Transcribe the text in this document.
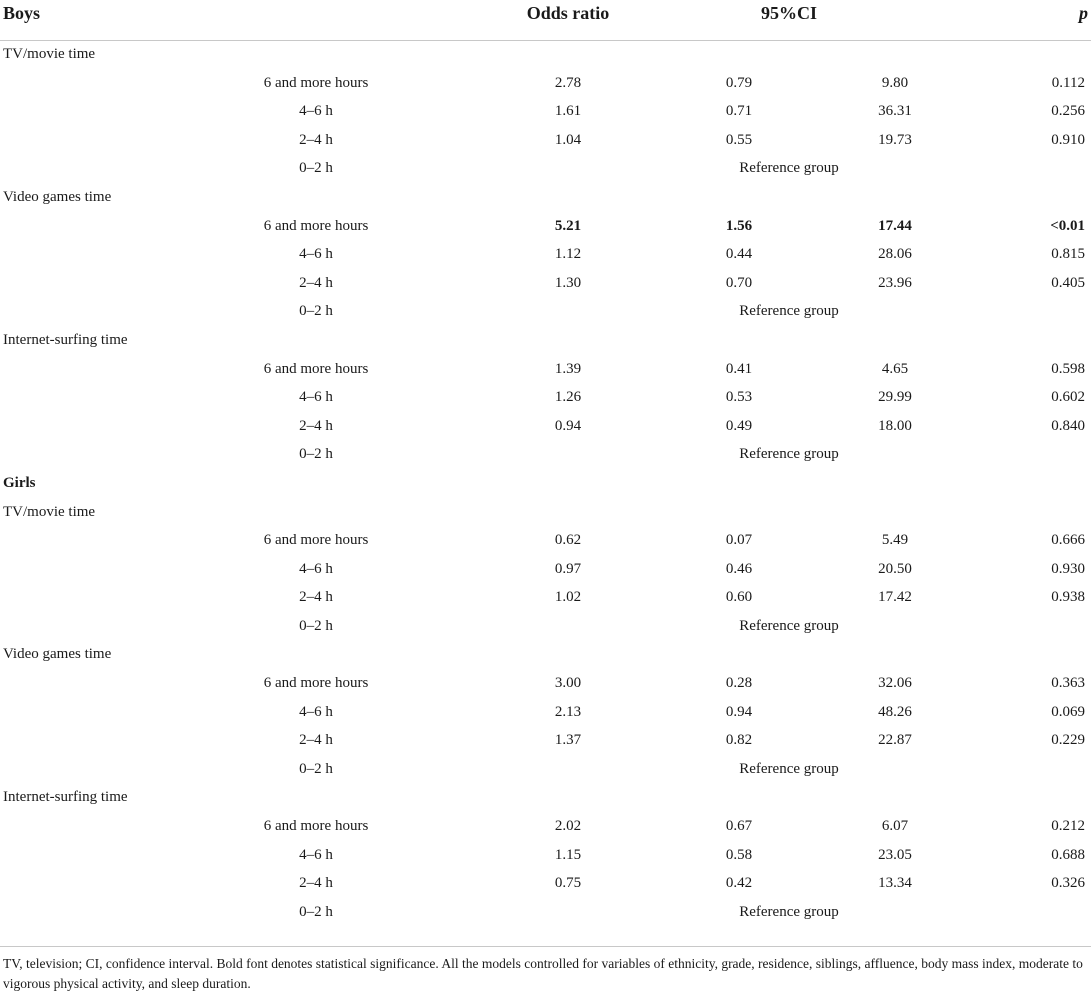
Boys	Odds ratio	95%CI	p
TV/movie time
6 and more hours	2.78	0.79	9.80	0.112
4–6 h	1.61	0.71	36.31	0.256
2–4 h	1.04	0.55	19.73	0.910
0–2 h	Reference group
Video games time
6 and more hours	5.21	1.56	17.44	<0.01
4–6 h	1.12	0.44	28.06	0.815
2–4 h	1.30	0.70	23.96	0.405
0–2 h	Reference group
Internet-surfing time
6 and more hours	1.39	0.41	4.65	0.598
4–6 h	1.26	0.53	29.99	0.602
2–4 h	0.94	0.49	18.00	0.840
0–2 h	Reference group
Girls
TV/movie time
6 and more hours	0.62	0.07	5.49	0.666
4–6 h	0.97	0.46	20.50	0.930
2–4 h	1.02	0.60	17.42	0.938
0–2 h	Reference group
Video games time
6 and more hours	3.00	0.28	32.06	0.363
4–6 h	2.13	0.94	48.26	0.069
2–4 h	1.37	0.82	22.87	0.229
0–2 h	Reference group
Internet-surfing time
6 and more hours	2.02	0.67	6.07	0.212
4–6 h	1.15	0.58	23.05	0.688
2–4 h	0.75	0.42	13.34	0.326
0–2 h	Reference group
TV, television; CI, confidence interval. Bold font denotes statistical significance. All the models controlled for variables of ethnicity, grade, residence, siblings, affluence, body mass index, moderate to vigorous physical activity, and sleep duration.
